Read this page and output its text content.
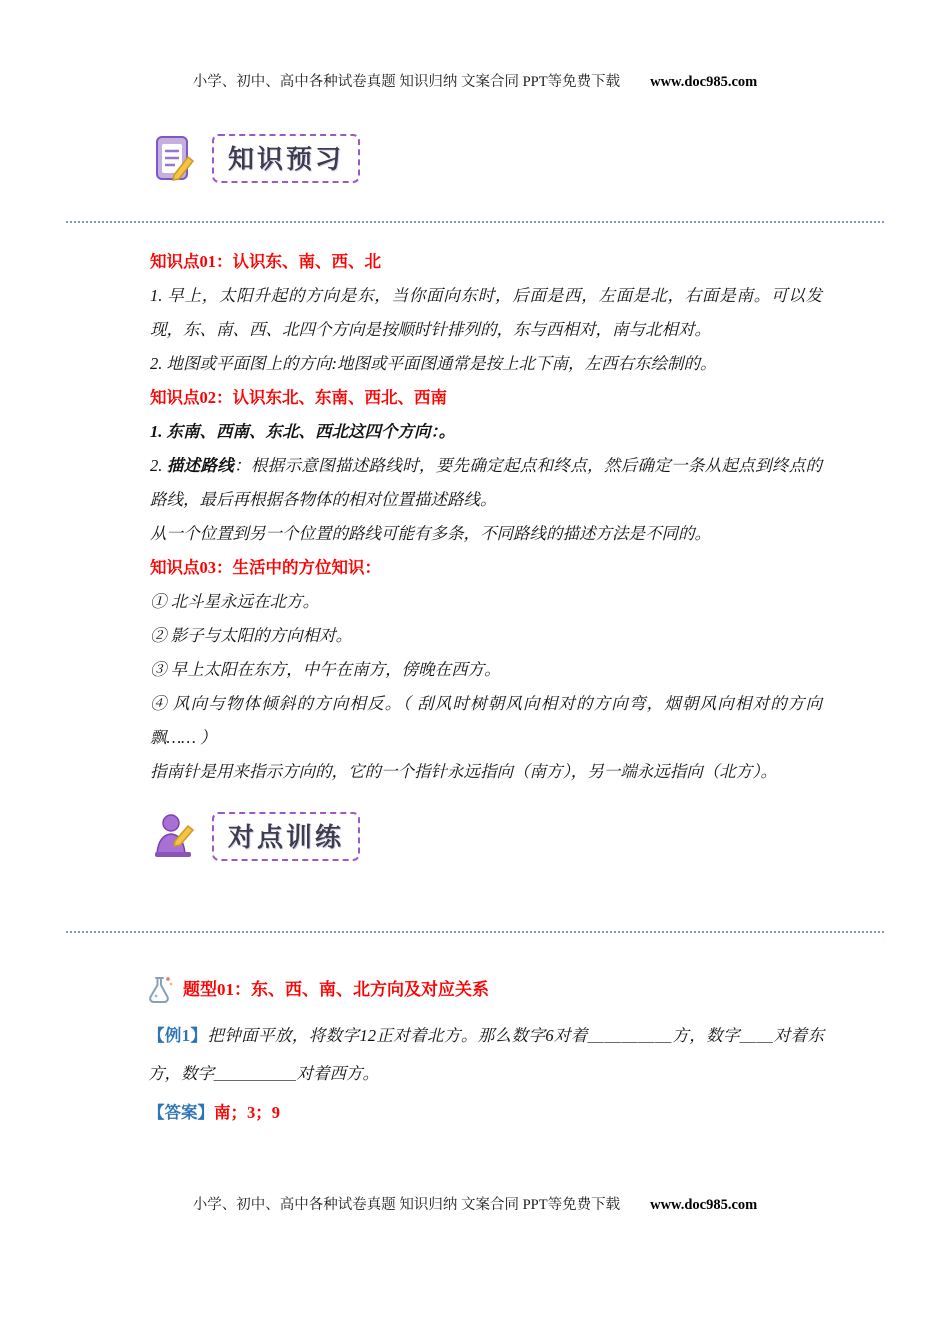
小学、初中、高中各种试卷真题 知识归纳 文案合同 PPT等免费下载 www.doc985.com
知识预习

知识点01：认识东、南、西、北

1. 早上，太阳升起的方向是东，当你面向东时，后面是西，左面是北，右面是南。可以发现，东、南、西、北四个方向是按顺时针排列的，东与西相对，南与北相对。

2. 地图或平面图上的方向:地图或平面图通常是按上北下南，左西右东绘制的。

知识点02：认识东北、东南、西北、西南

1. 东南、西南、东北、西北这四个方向：。

2. 描述路线：根据示意图描述路线时，要先确定起点和终点，然后确定一条从起点到终点的路线，最后再根据各物体的相对位置描述路线。

从一个位置到另一个位置的路线可能有多条，不同路线的描述方法是不同的。

知识点03：生活中的方位知识：

① 北斗星永远在北方。

② 影子与太阳的方向相对。

③ 早上太阳在东方，中午在南方，傍晚在西方。

④ 风向与物体倾斜的方向相反。（ 刮风时树朝风向相对的方向弯，烟朝风向相对的方向飘…… ）

指南针是用来指示方向的，它的一个指针永远指向（南方），另一端永远指向（北方）。

对点训练
题型01：东、西、南、北方向及对应关系
【例1】把钟面平放，将数字12正对着北方。那么数字6对着＿＿＿＿＿方，数字＿＿对着东方，数字＿＿＿＿＿对着西方。
【答案】南；3；9
小学、初中、高中各种试卷真题 知识归纳 文案合同 PPT等免费下载 www.doc985.com
